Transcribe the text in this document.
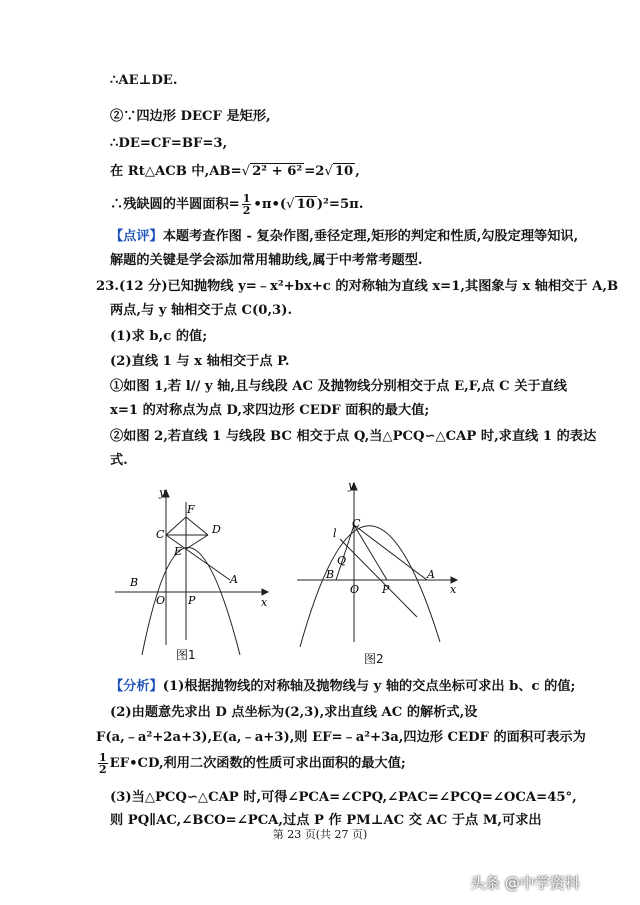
∴AE⊥DE.
②∵四边形 DECF 是矩形,
∴DE=CF=BF=3,
在 Rt△ACB 中,AB=√ 2² + 6² =2√ 10 ,
∴残缺圆的半圆面积= $\frac{1}{2}$ •π•(√ 10 )²=5π.
【点评】本题考查作图 - 复杂作图,垂径定理,矩形的判定和性质,勾股定理等知识,
解题的关键是学会添加常用辅助线,属于中考常考题型.
23.(12 分)已知抛物线 y=﹣x²+bx+c 的对称轴为直线 x=1,其图象与 x 轴相交于 A,B
两点,与 y 轴相交于点 C(0,3).
(1)求 b,c 的值;
(2)直线 1 与 x 轴相交于点 P.
①如图 1,若 l// y 轴,且与线段 AC 及抛物线分别相交于点 E,F,点 C 关于直线
x=1 的对称点为点 D,求四边形 CEDF 面积的最大值;
②如图 2,若直线 1 与线段 BC 相交于点 Q,当△PCQ∽△CAP 时,求直线 1 的表达
式.
y
x
F
C	D
E
B
O P
A
图1
y
x
l
C
Q
B
O P
A
图2
【分析】(1)根据抛物线的对称轴及抛物线与 y 轴的交点坐标可求出 b、c 的值;
(2)由题意先求出 D 点坐标为(2,3),求出直线 AC 的解析式,设
F(a,﹣a²+2a+3),E(a,﹣a+3),则 EF=﹣a²+3a,四边形 CEDF 的面积可表示为
$\frac{1}{2}$ EF•CD,利用二次函数的性质可求出面积的最大值;
(3)当△PCQ∽△CAP 时,可得∠PCA=∠CPQ,∠PAC=∠PCQ=∠OCA=45°,
则 PQ∥AC,∠BCO=∠PCA,过点 P 作 PM⊥AC 交 AC 于点 M,可求出
第 23 页(共 27 页)
头条 @中学资料
